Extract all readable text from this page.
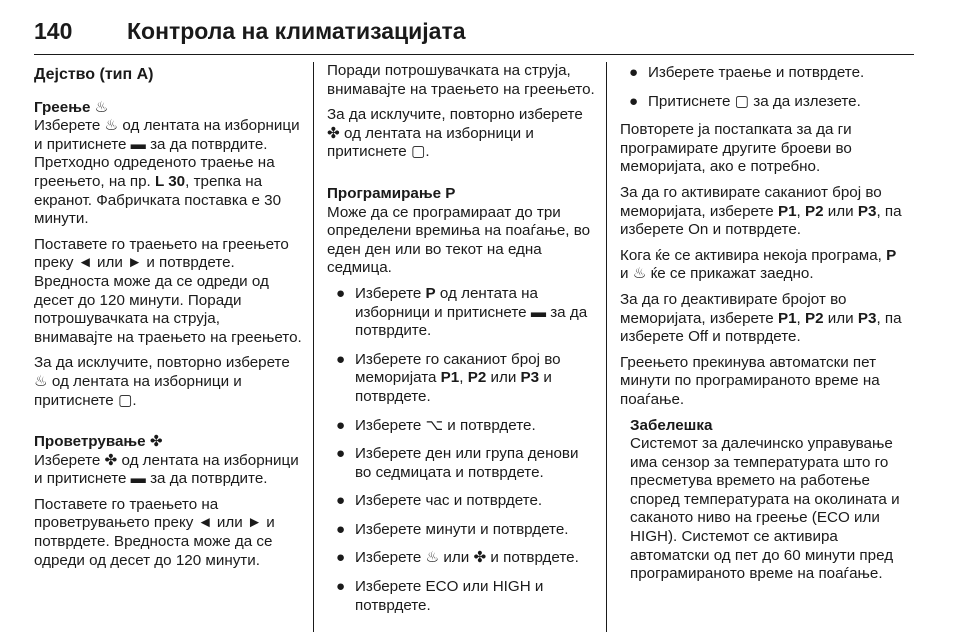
140 Контрола на климатизацијата
Дејство (тип А)
Греење ♨

Изберете ♨ од лентата на изборници и притиснете ▬ за да потврдите. Претходно одреденото траење на греењето, на пр. L 30, трепка на екранот. Фабричката поставка е 30 минути.

Поставете го траењето на греењето преку ◄ или ► и потврдете. Вредноста може да се одреди од десет до 120 минути. Поради потрошувачката на струја, внимавајте на траењето на греењето.

За да исклучите, повторно изберете ♨ од лентата на изборници и притиснете ▢.

Проветрување ✤

Изберете ✤ од лентата на изборници и притиснете ▬ за да потврдите.

Поставете го траењето на проветрувањето преку ◄ или ► и потврдете. Вредноста може да се одреди од десет до 120 минути.

Поради потрошувачката на струја, внимавајте на траењето на греењето.

За да исклучите, повторно изберете ✤ од лентата на изборници и притиснете ▢.

Програмирање P

Може да се програмираат до три определени времиња на поаѓање, во еден ден или во текот на една седмица.

● Изберете P од лентата на изборници и притиснете ▬ за да потврдите.
● Изберете го саканиот број во меморијата P1, P2 или P3 и потврдете.
● Изберете ⌥ и потврдете.
● Изберете ден или група денови во седмицата и потврдете.
● Изберете час и потврдете.
● Изберете минути и потврдете.
● Изберете ♨ или ✤ и потврдете.
● Изберете ECO или HIGH и потврдете.
● Изберете траење и потврдете.
● Притиснете ▢ за да излезете.

Повторете ја постапката за да ги програмирате другите броеви во меморијата, ако е потребно.

За да го активирате саканиот број во меморијата, изберете P1, P2 или P3, па изберете On и потврдете.

Кога ќе се активира некоја програма, P и ♨ ќе се прикажат заедно.

За да го деактивирате бројот во меморијата, изберете P1, P2 или P3, па изберете Off и потврдете.

Греењето прекинува автоматски пет минути по програмираното време на поаѓање.

Забелешка
Системот за далечинско управување има сензор за температурата што го пресметува времето на работење според температурата на околината и саканото ниво на греење (ECO или HIGH). Системот се активира автоматски од пет до 60 минути пред програмираното време на поаѓање.
